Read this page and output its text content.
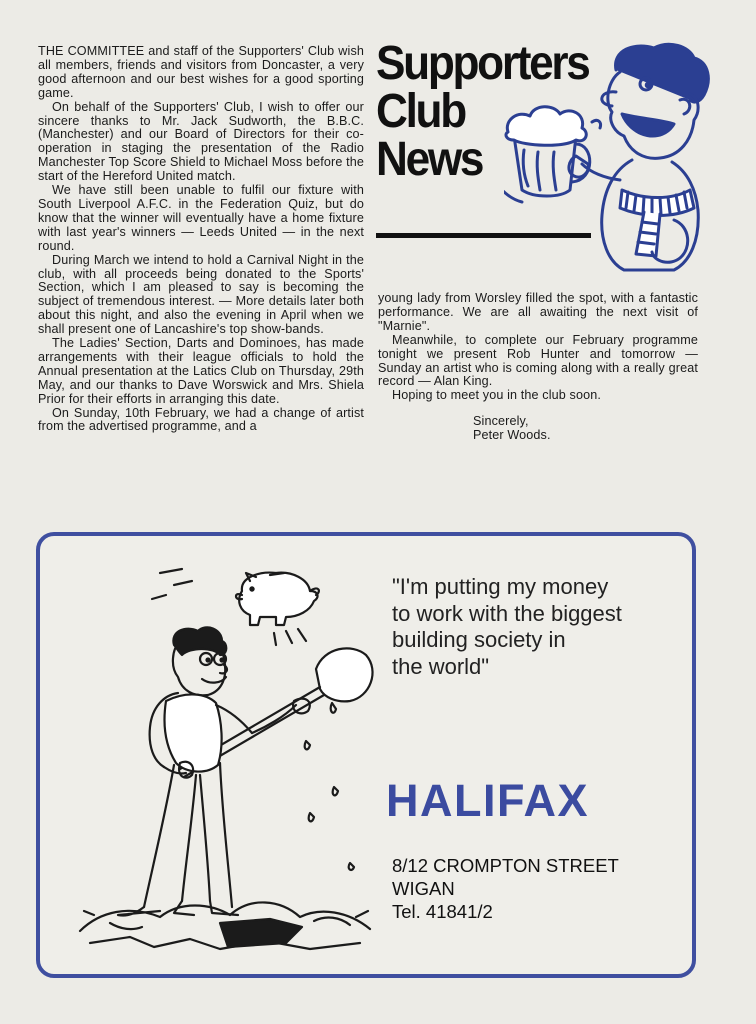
THE COMMITTEE and staff of the Supporters' Club wish all members, friends and visitors from Doncaster, a very good afternoon and our best wishes for a good sporting game.

On behalf of the Supporters' Club, I wish to offer our sincere thanks to Mr. Jack Sudworth, the B.B.C. (Manchester) and our Board of Directors for their co-operation in staging the presentation of the Radio Manchester Top Score Shield to Michael Moss before the start of the Hereford United match.

We have still been unable to fulfil our fixture with South Liverpool A.F.C. in the Federation Quiz, but do know that the winner will eventually have a home fixture with last year's winners — Leeds United — in the next round.

During March we intend to hold a Carnival Night in the club, with all proceeds being donated to the Sports' Section, which I am pleased to say is becoming the subject of tremendous interest. — More details later both about this night, and also the evening in April when we shall present one of Lancashire's top show-bands.

The Ladies' Section, Darts and Dominoes, has made arrangements with their league officials to hold the Annual presentation at the Latics Club on Thursday, 29th May, and our thanks to Dave Worswick and Mrs. Shiela Prior for their efforts in arranging this date.

On Sunday, 10th February, we had a change of artist from the advertised programme, and a

Supporters
Club
News

young lady from Worsley filled the spot, with a fantastic performance. We are all awaiting the next visit of "Marnie".

Meanwhile, to complete our February programme tonight we present Rob Hunter and tomorrow — Sunday an artist who is coming along with a really great record — Alan King.

Hoping to meet you in the club soon.

Sincerely,
Peter Woods.
"I'm putting my money
to work with the biggest
building society in
the world"
HALIFAX
8/12 CROMPTON STREET
WIGAN
Tel. 41841/2
